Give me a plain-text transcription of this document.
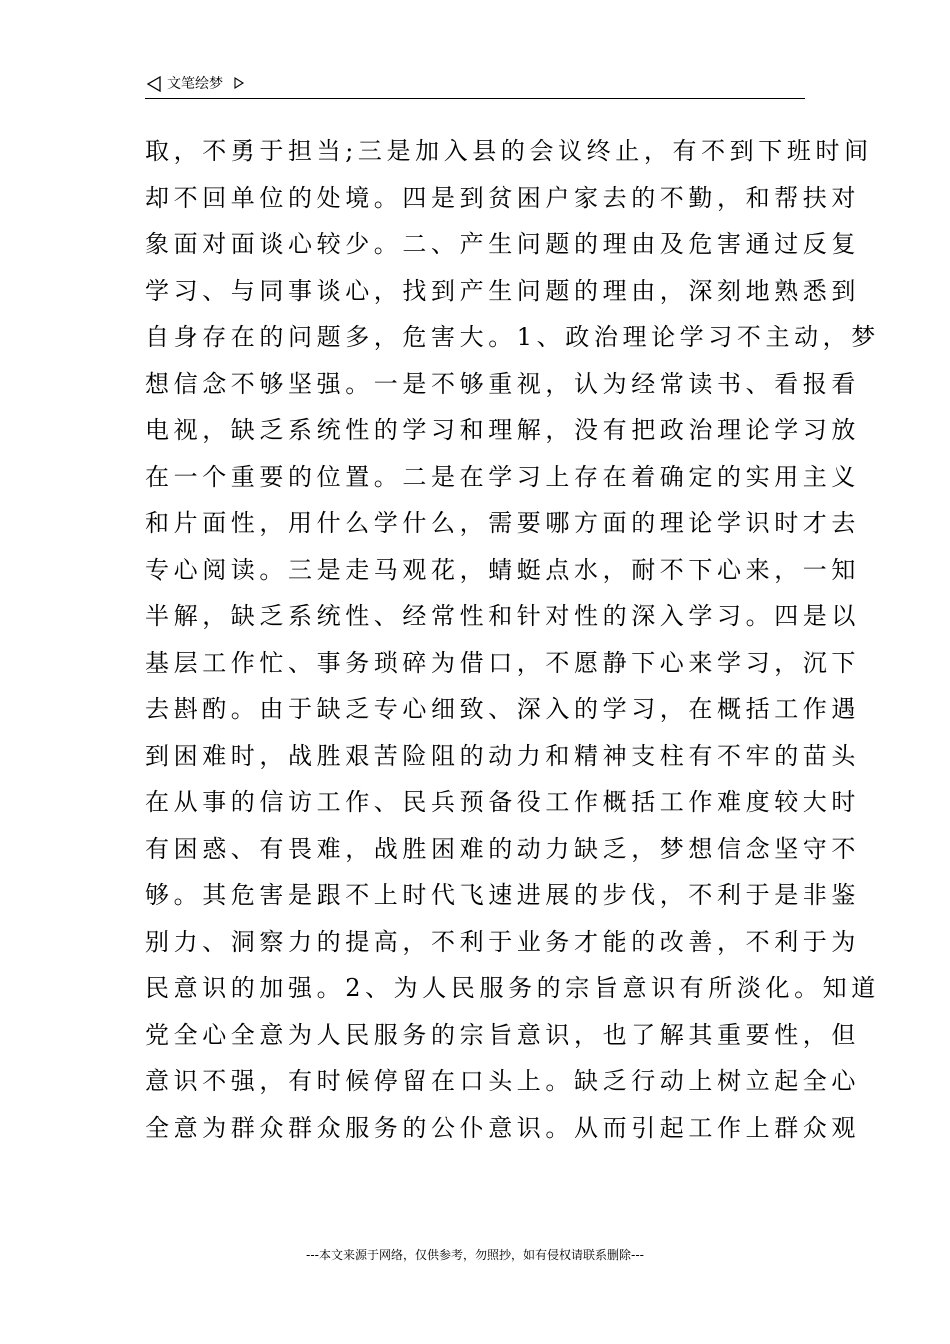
文笔绘梦
取，不勇于担当;三是加入县的会议终止，有不到下班时间
却不回单位的处境。四是到贫困户家去的不勤，和帮扶对
象面对面谈心较少。二、产生问题的理由及危害通过反复
学习、与同事谈心，找到产生问题的理由，深刻地熟悉到
自身存在的问题多，危害大。1、政治理论学习不主动，梦
想信念不够坚强。一是不够重视，认为经常读书、看报看
电视，缺乏系统性的学习和理解，没有把政治理论学习放
在一个重要的位置。二是在学习上存在着确定的实用主义
和片面性，用什么学什么，需要哪方面的理论学识时才去
专心阅读。三是走马观花，蜻蜓点水，耐不下心来，一知
半解，缺乏系统性、经常性和针对性的深入学习。四是以
基层工作忙、事务琐碎为借口，不愿静下心来学习，沉下
去斟酌。由于缺乏专心细致、深入的学习，在概括工作遇
到困难时，战胜艰苦险阻的动力和精神支柱有不牢的苗头
在从事的信访工作、民兵预备役工作概括工作难度较大时
有困惑、有畏难，战胜困难的动力缺乏，梦想信念坚守不
够。其危害是跟不上时代飞速进展的步伐，不利于是非鉴
别力、洞察力的提高，不利于业务才能的改善，不利于为
民意识的加强。2、为人民服务的宗旨意识有所淡化。知道
党全心全意为人民服务的宗旨意识，也了解其重要性，但
意识不强，有时候停留在口头上。缺乏行动上树立起全心
全意为群众群众服务的公仆意识。从而引起工作上群众观
---本文来源于网络，仅供参考，勿照抄，如有侵权请联系删除---
